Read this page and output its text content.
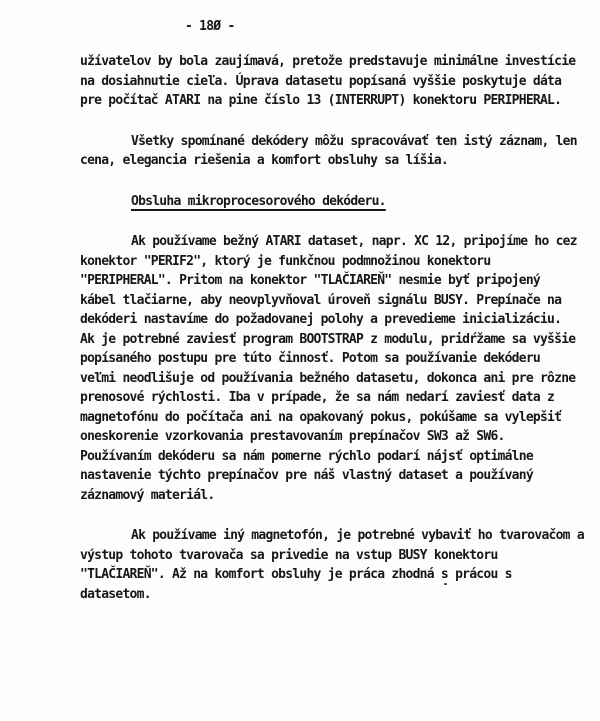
- 18Ø -
užívatelov by bola zaujímavá, pretože predstavuje minimálne investície
na dosiahnutie cieľa. Úprava datasetu popísaná vyššie poskytuje dáta
pre počítač ATARI na pine číslo 13 (INTERRUPT) konektoru PERIPHERAL.
Všetky spomínané dekódery môžu spracovávať ten istý záznam, len
cena, elegancia riešenia a komfort obsluhy sa líšia.
Obsluha mikroprocesorového dekóderu.
Ak používame bežný ATARI dataset, napr. XC 12, pripojíme ho cez
konektor "PERIF2", ktorý je funkčnou podmnožinou konektoru
"PERIPHERAL". Pritom na konektor "TLAČIAREŇ" nesmie byť pripojený
kábel tlačiarne, aby neovplyvňoval úroveň signálu BUSY. Prepínače na
dekóderi nastavíme do požadovanej polohy a prevedieme inicializáciu.
Ak je potrebné zaviesť program BOOTSTRAP z modulu, pridŕžame sa vyššie
popísaného postupu pre túto činnosť. Potom sa používanie dekóderu
veľmi neodlišuje od používania bežného datasetu, dokonca ani pre rôzne
prenosové rýchlosti. Iba v prípade, že sa nám nedarí zaviesť data z
magnetofónu do počítača ani na opakovaný pokus, pokúšame sa vylepšiť
oneskorenie vzorkovania prestavovaním prepínačov SW3 až SW6.
Používaním dekóderu sa nám pomerne rýchlo podarí nájsť optimálne
nastavenie týchto prepínačov pre náš vlastný dataset a používaný
záznamový materiál.
Ak používame iný magnetofón, je potrebné vybaviť ho tvarovačom a
výstup tohoto tvarovača sa privedie na vstup BUSY konektoru
"TLAČIAREŇ". Až na komfort obsluhy je práca zhodná s prácou s
datasetom.
